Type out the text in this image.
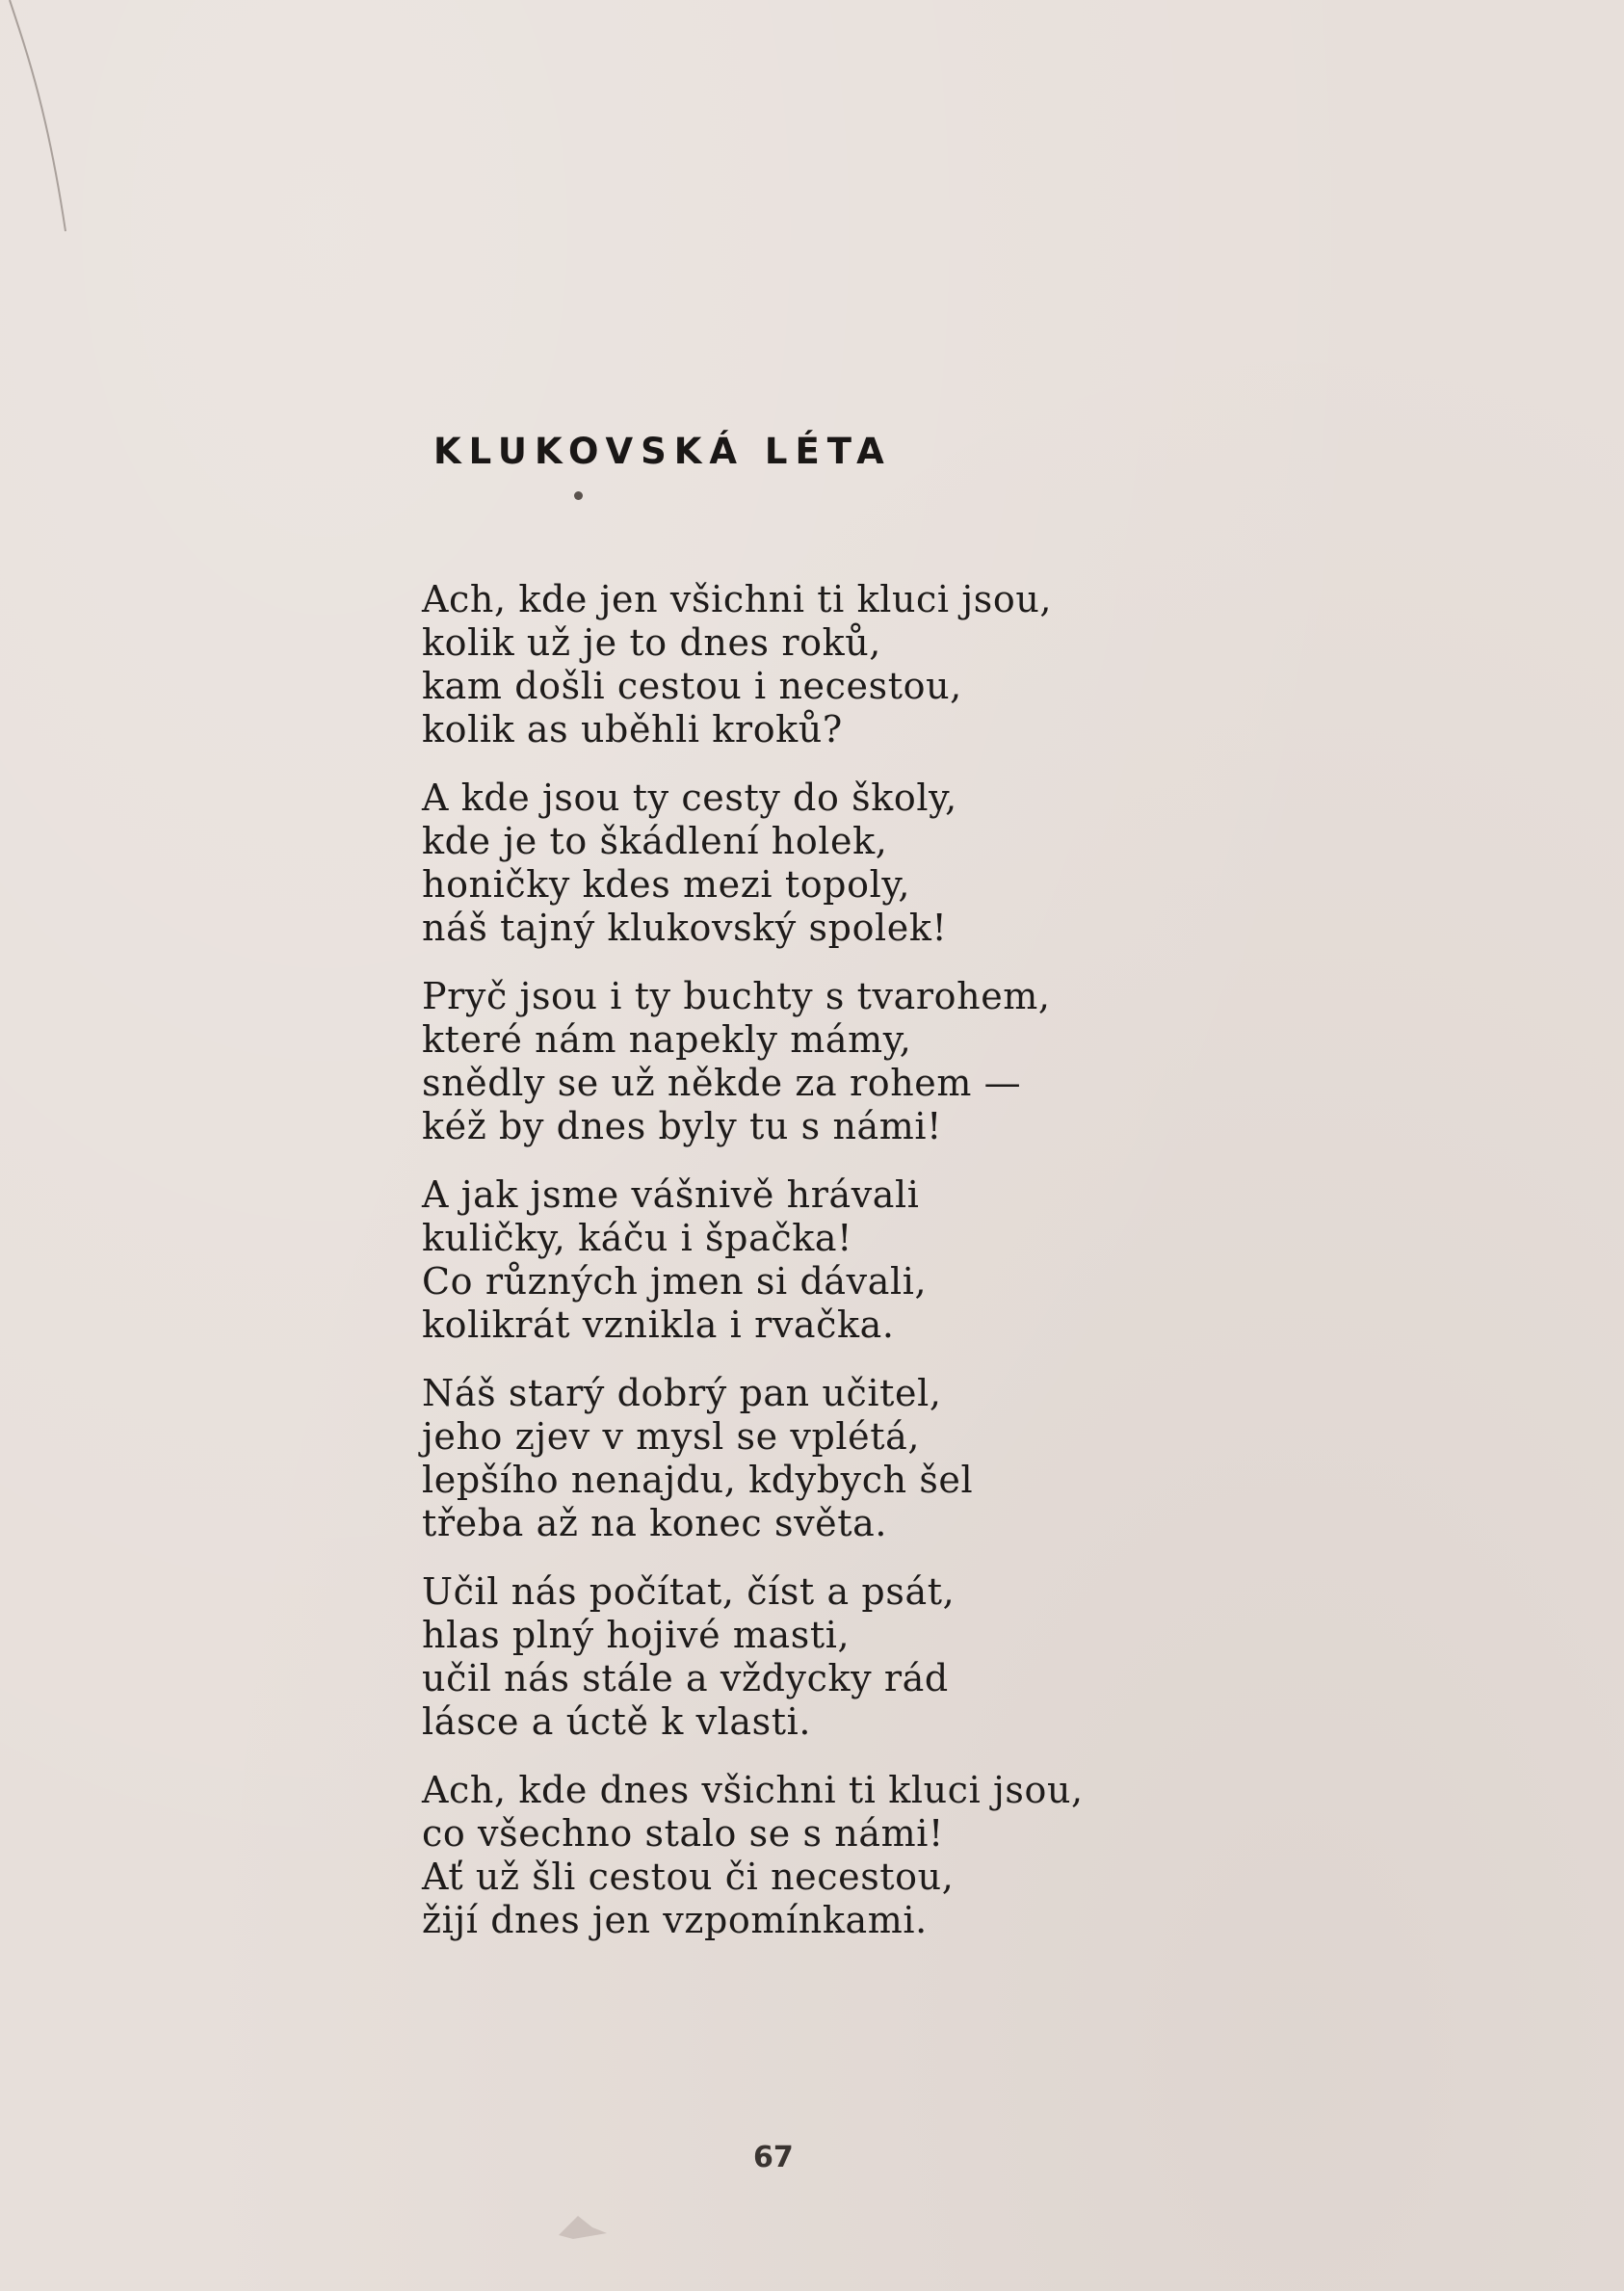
KLUKOVSKÁ LÉTA
Ach, kde jen všichni ti kluci jsou,
kolik už je to dnes roků,
kam došli cestou i necestou,
kolik as uběhli kroků?
A kde jsou ty cesty do školy,
kde je to škádlení holek,
honičky kdes mezi topoly,
náš tajný klukovský spolek!
Pryč jsou i ty buchty s tvarohem,
které nám napekly mámy,
snědly se už někde za rohem —
kéž by dnes byly tu s námi!
A jak jsme vášnivě hrávali
kuličky, káču i špačka!
Co různých jmen si dávali,
kolikrát vznikla i rvačka.
Náš starý dobrý pan učitel,
jeho zjev v mysl se vplétá,
lepšího nenajdu, kdybych šel
třeba až na konec světa.
Učil nás počítat, číst a psát,
hlas plný hojivé masti,
učil nás stále a vždycky rád
lásce a úctě k vlasti.
Ach, kde dnes všichni ti kluci jsou,
co všechno stalo se s námi!
Ať už šli cestou či necestou,
žijí dnes jen vzpomínkami.
67
